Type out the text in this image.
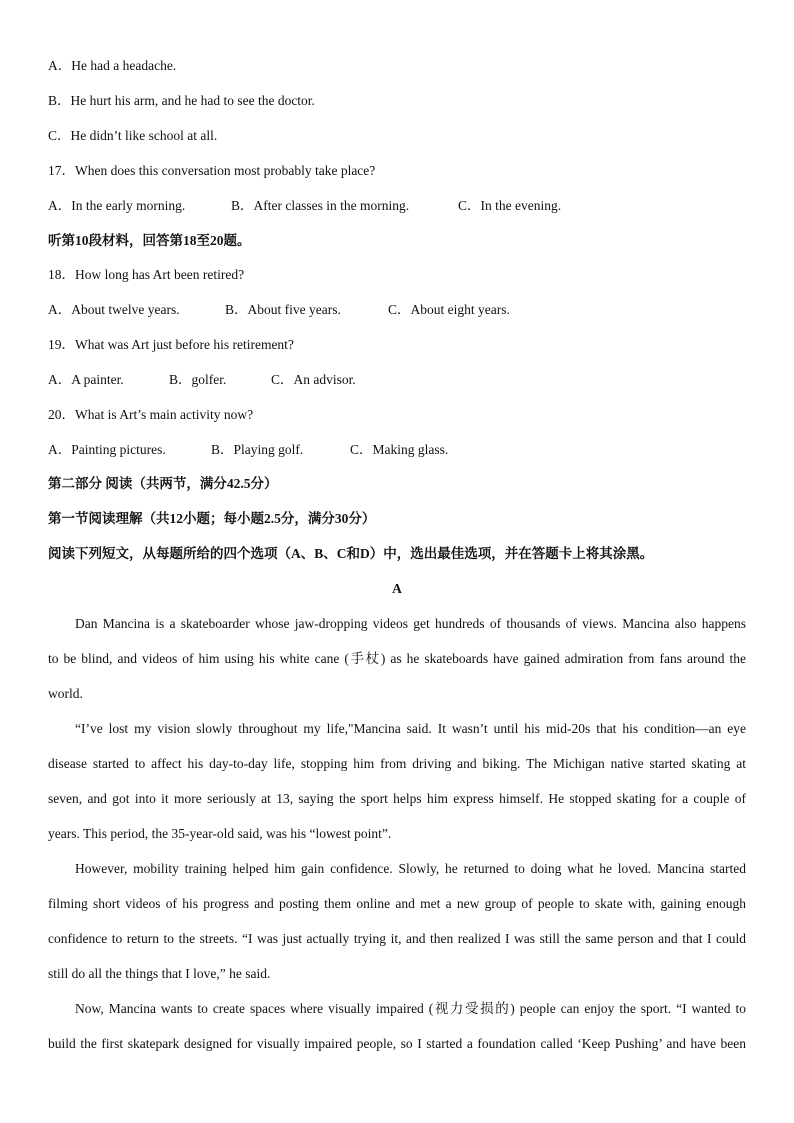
A．He had a headache.
B．He hurt his arm, and he had to see the doctor.
C．He didn’t like school at all.
17．When does this conversation most probably take place?
A．In the early morning.	B．After classes in the morning.	C．In the evening.
听第10段材料，回答第18至20题。
18．How long has Art been retired?
A．About twelve years.	B．About five years.	C．About eight years.
19．What was Art just before his retirement?
A．A painter.	B．golfer.	C．An advisor.
20．What is Art’s main activity now?
A．Painting pictures.	B．Playing golf.	C．Making glass.
第二部分 阅读（共两节，满分42.5分）
第一节阅读理解（共12小题；每小题2.5分，满分30分）
阅读下列短文，从每题所给的四个选项（A、B、C和D）中，选出最佳选项，并在答题卡上将其涂黑。
A
Dan Mancina is a skateboarder whose jaw-dropping videos get hundreds of thousands of views. Mancina also happens
to be blind, and videos of him using his white cane (手杖) as he skateboards have gained admiration from fans around the
world.
“I’ve lost my vision slowly throughout my life,"Mancina said. It wasn’t until his mid-20s that his condition—an eye
disease started to affect his day-to-day life, stopping him from driving and biking. The Michigan native started skating at
seven, and got into it more seriously at 13, saying the sport helps him express himself. He stopped skating for a couple of
years. This period, the 35-year-old said, was his “lowest point”.
However, mobility training helped him gain confidence. Slowly, he returned to doing what he loved. Mancina started
filming short videos of his progress and posting them online and met a new group of people to skate with, gaining enough
confidence to return to the streets. “I was just actually trying it, and then realized I was still the same person and that I could
still do all the things that I love,” he said.
Now, Mancina wants to create spaces where visually impaired (视力受损的) people can enjoy the sport. “I wanted to
build the first skatepark designed for visually impaired people, so I started a foundation called ‘Keep Pushing’ and have been
